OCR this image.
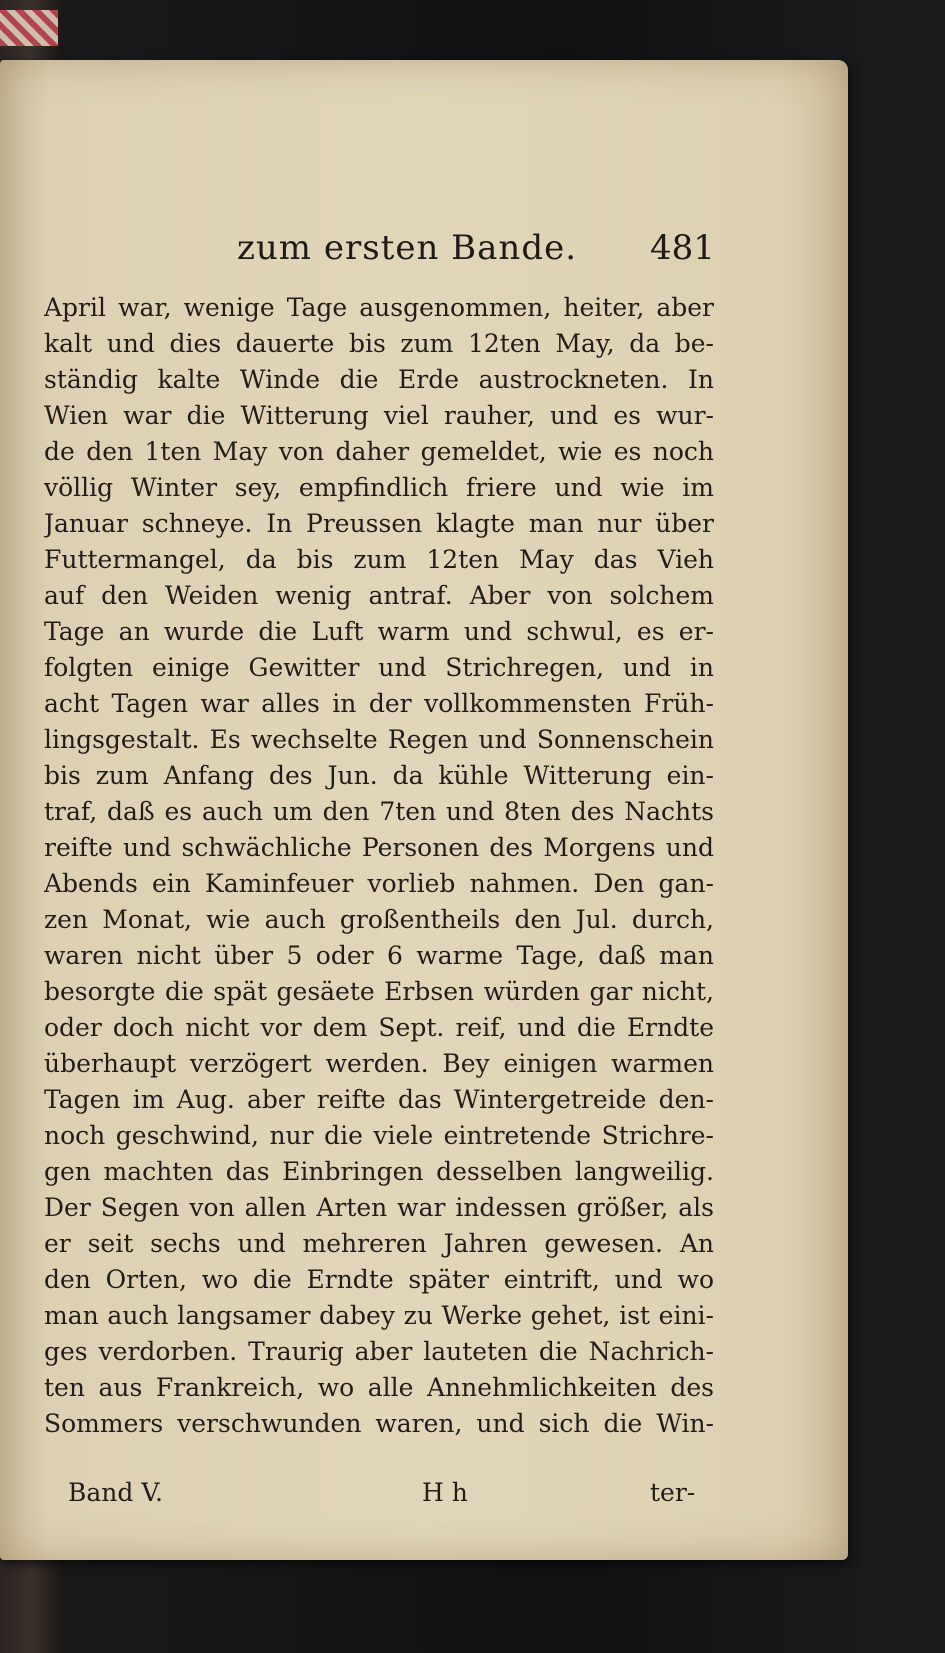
zum ersten Bande. 481
April war, wenige Tage ausgenommen, heiter, aber
kalt und dies dauerte bis zum 12ten May, da be-
ständig kalte Winde die Erde austrockneten. In
Wien war die Witterung viel rauher, und es wur-
de den 1ten May von daher gemeldet, wie es noch
völlig Winter sey, empfindlich friere und wie im
Januar schneye. In Preussen klagte man nur über
Futtermangel, da bis zum 12ten May das Vieh
auf den Weiden wenig antraf. Aber von solchem
Tage an wurde die Luft warm und schwul, es er-
folgten einige Gewitter und Strichregen, und in
acht Tagen war alles in der vollkommensten Früh-
lingsgestalt. Es wechselte Regen und Sonnenschein
bis zum Anfang des Jun. da kühle Witterung ein-
traf, daß es auch um den 7ten und 8ten des Nachts
reifte und schwächliche Personen des Morgens und
Abends ein Kaminfeuer vorlieb nahmen. Den gan-
zen Monat, wie auch großentheils den Jul. durch,
waren nicht über 5 oder 6 warme Tage, daß man
besorgte die spät gesäete Erbsen würden gar nicht,
oder doch nicht vor dem Sept. reif, und die Erndte
überhaupt verzögert werden. Bey einigen warmen
Tagen im Aug. aber reifte das Wintergetreide den-
noch geschwind, nur die viele eintretende Strichre-
gen machten das Einbringen desselben langweilig.
Der Segen von allen Arten war indessen größer, als
er seit sechs und mehreren Jahren gewesen. An
den Orten, wo die Erndte später eintrift, und wo
man auch langsamer dabey zu Werke gehet, ist eini-
ges verdorben. Traurig aber lauteten die Nachrich-
ten aus Frankreich, wo alle Annehmlichkeiten des
Sommers verschwunden waren, und sich die Win-
Band V.	H h	ter-
